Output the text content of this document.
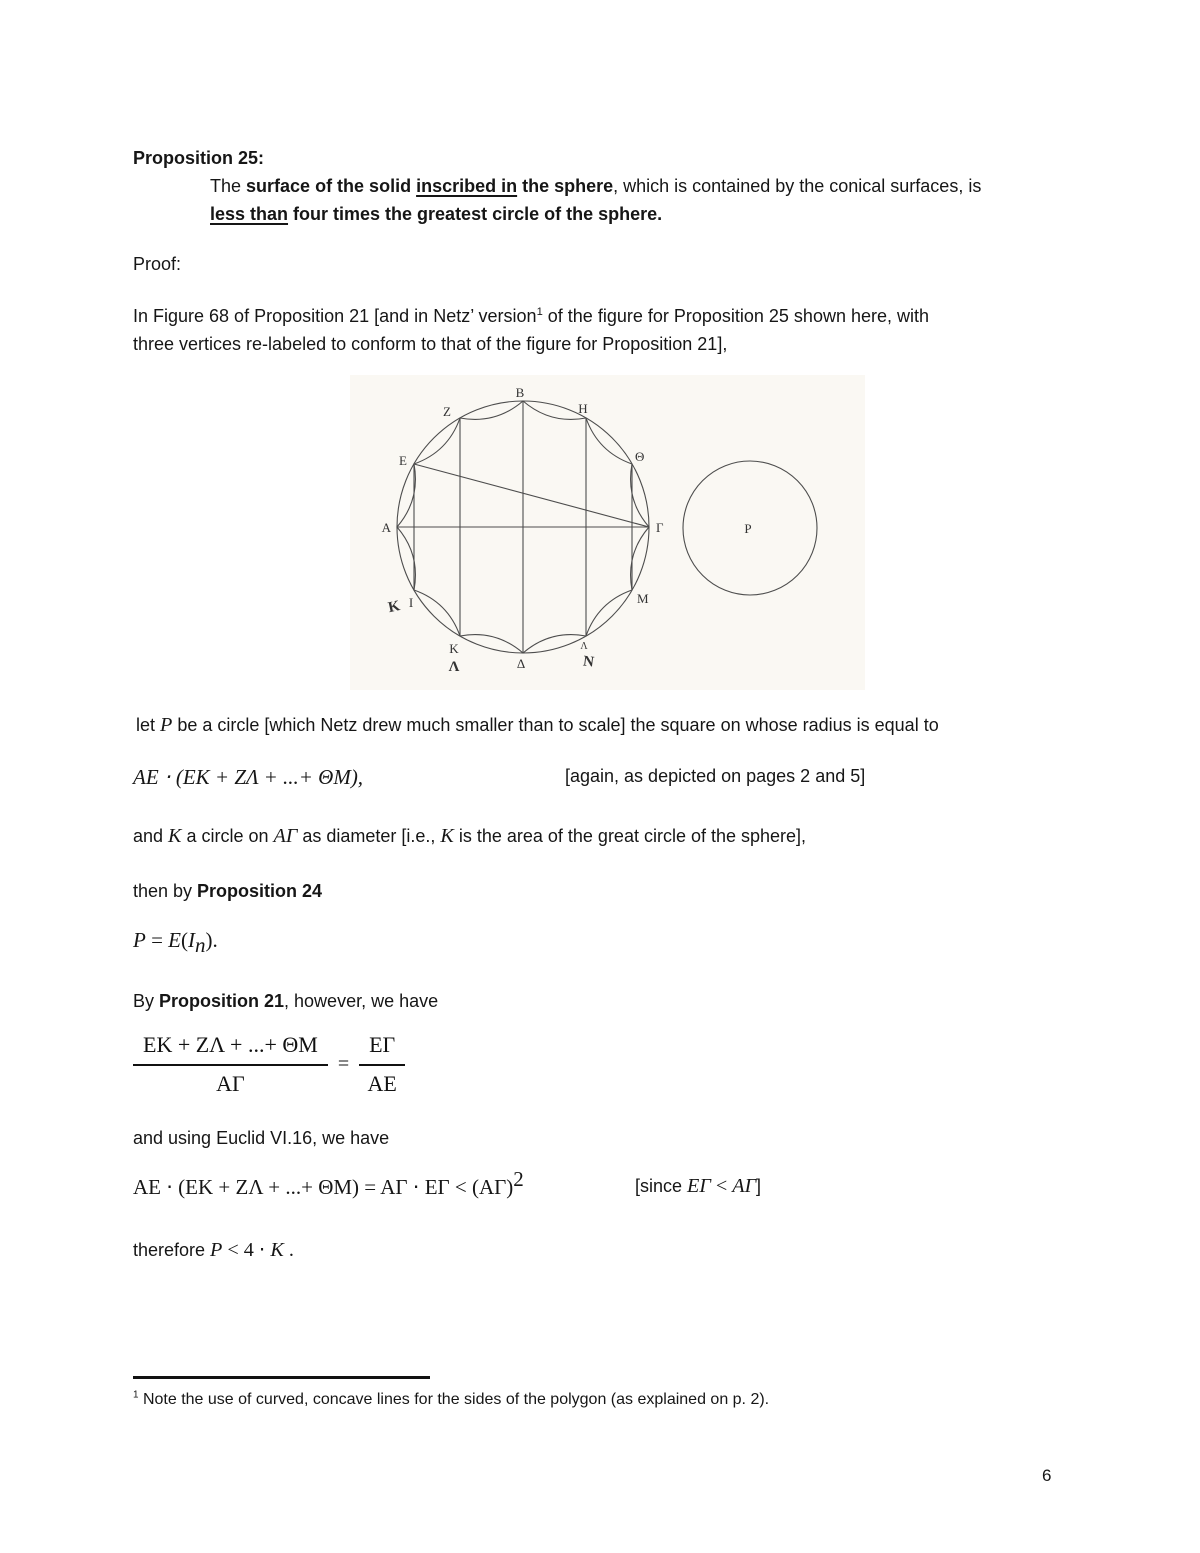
Proposition 25:
The surface of the solid inscribed in the sphere, which is contained by the conical surfaces, is
less than four times the greatest circle of the sphere.
Proof:
In Figure 68 of Proposition 21 [and in Netz’ version$^1$ of the figure for Proposition 25 shown here, with
three vertices re-labeled to conform to that of the figure for Proposition 21],
B
Z	H
E	Θ
A	Γ
I	M
K
Δ
Λ
P
K
Λ	N
let P be a circle [which Netz drew much smaller than to scale] the square on whose radius is equal to
AE ⋅ (EK + ZΛ + ...+ ΘM),	[again, as depicted on pages 2 and 5]
and K a circle on AΓ as diameter [i.e., K is the area of the great circle of the sphere],
then by Proposition 24
$P = E(I_n)$.
By Proposition 21, however, we have
$\frac{EK + Z\Lambda + ...+ \Theta M}{A\Gamma} = \frac{E\Gamma}{AE}$
and using Euclid VI.16, we have
AE ⋅ (EK + ZΛ + ...+ $\Theta M) = A\Gamma \cdot E\Gamma < (A\Gamma)^2$	[since EΓ < AΓ]
therefore P < 4 ⋅ K .
$^1$ Note the use of curved, concave lines for the sides of the polygon (as explained on p. 2).
6
